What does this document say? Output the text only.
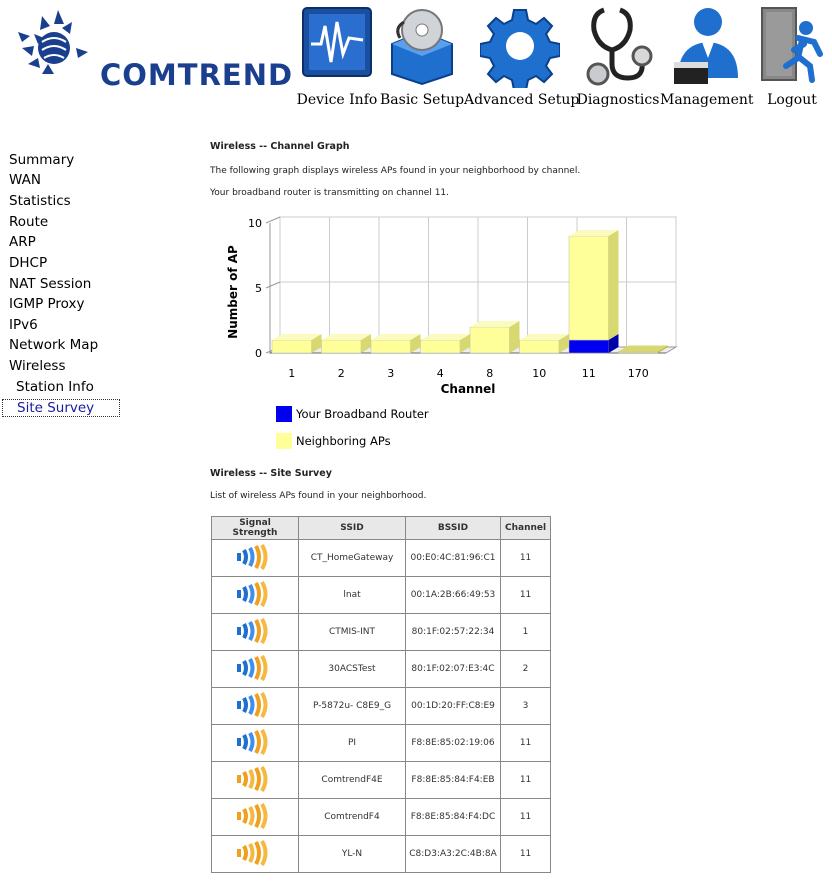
COMTREND
Device Info Basic Setup Advanced Setup
Diagnostics Management Logout
Summary
WAN
Statistics
Route
ARP
DHCP
NAT Session
IGMP Proxy
IPv6
Network Map
Wireless
Station Info
Site Survey
Wireless -- Channel Graph
The following graph displays wireless APs found in your neighborhood by channel.
Your broadband router is transmitting on channel 11.
Wireless -- Site Survey
List of wireless APs found in your neighborhood.
0
5
10
1	2	3	4	8	10	11	170
Channel
Number of AP
Your Broadband Router
Neighboring APs
Signal Strength	SSID	BSSID	Channel
	CT_HomeGateway	00:E0:4C:81:96:C1	11
	lnat	00:1A:2B:66:49:53	11
	CTMIS-INT	80:1F:02:57:22:34	1
	30ACSTest	80:1F:02:07:E3:4C	2
	P-5872u- C8E9_G	00:1D:20:FF:C8:E9	3
	PI	F8:8E:85:02:19:06	11
	ComtrendF4E	F8:8E:85:84:F4:EB	11
	ComtrendF4	F8:8E:85:84:F4:DC	11
	YL-N	C8:D3:A3:2C:4B:8A	11
